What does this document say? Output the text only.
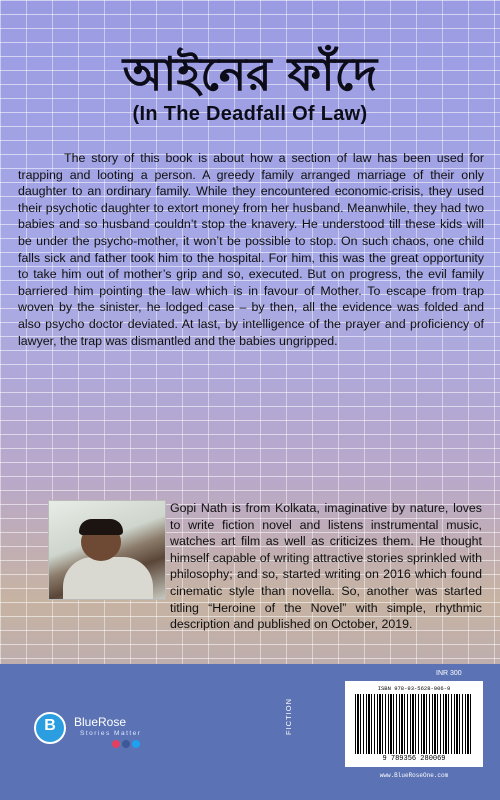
আইনের ফাঁদে
(In The Deadfall Of Law)

The story of this book is about how a section of law has been used for trapping and looting a person. A greedy family arranged marriage of their only daughter to an ordinary family. While they encountered economic-crisis, they used their psychotic daughter to extort money from her husband. Meanwhile, they had two babies and so husband couldn’t stop the knavery. He understood till these kids will be under the psycho-mother, it won’t be possible to stop. On such chaos, one child falls sick and father took him to the hospital. For him, this was the great opportunity to take him out of mother’s grip and so, executed. But on progress, the evil family barriered him pointing the law which is in favour of Mother. To escape from trap woven by the sinister, he lodged case – by then, all the evidence was folded and also psycho doctor deviated. At last, by intelligence of the prayer and proficiency of lawyer, the trap was dismantled and the babies ungripped.

Gopi Nath is from Kolkata, imaginative by nature, loves to write fiction novel and listens instrumental music, watches art film as well as criticizes them. He thought himself capable of writing attractive stories sprinkled with philosophy; and so, started writing on 2016 which found cinematic style than novella. So, another was started titling “Heroine of the Novel” with simple, rhythmic description and published on October, 2019.

INR 300
B	BlueRose
Stories Matter	FICTION
ISBN 978-93-5628-006-9
9 789356 280069
www.BlueRoseOne.com
